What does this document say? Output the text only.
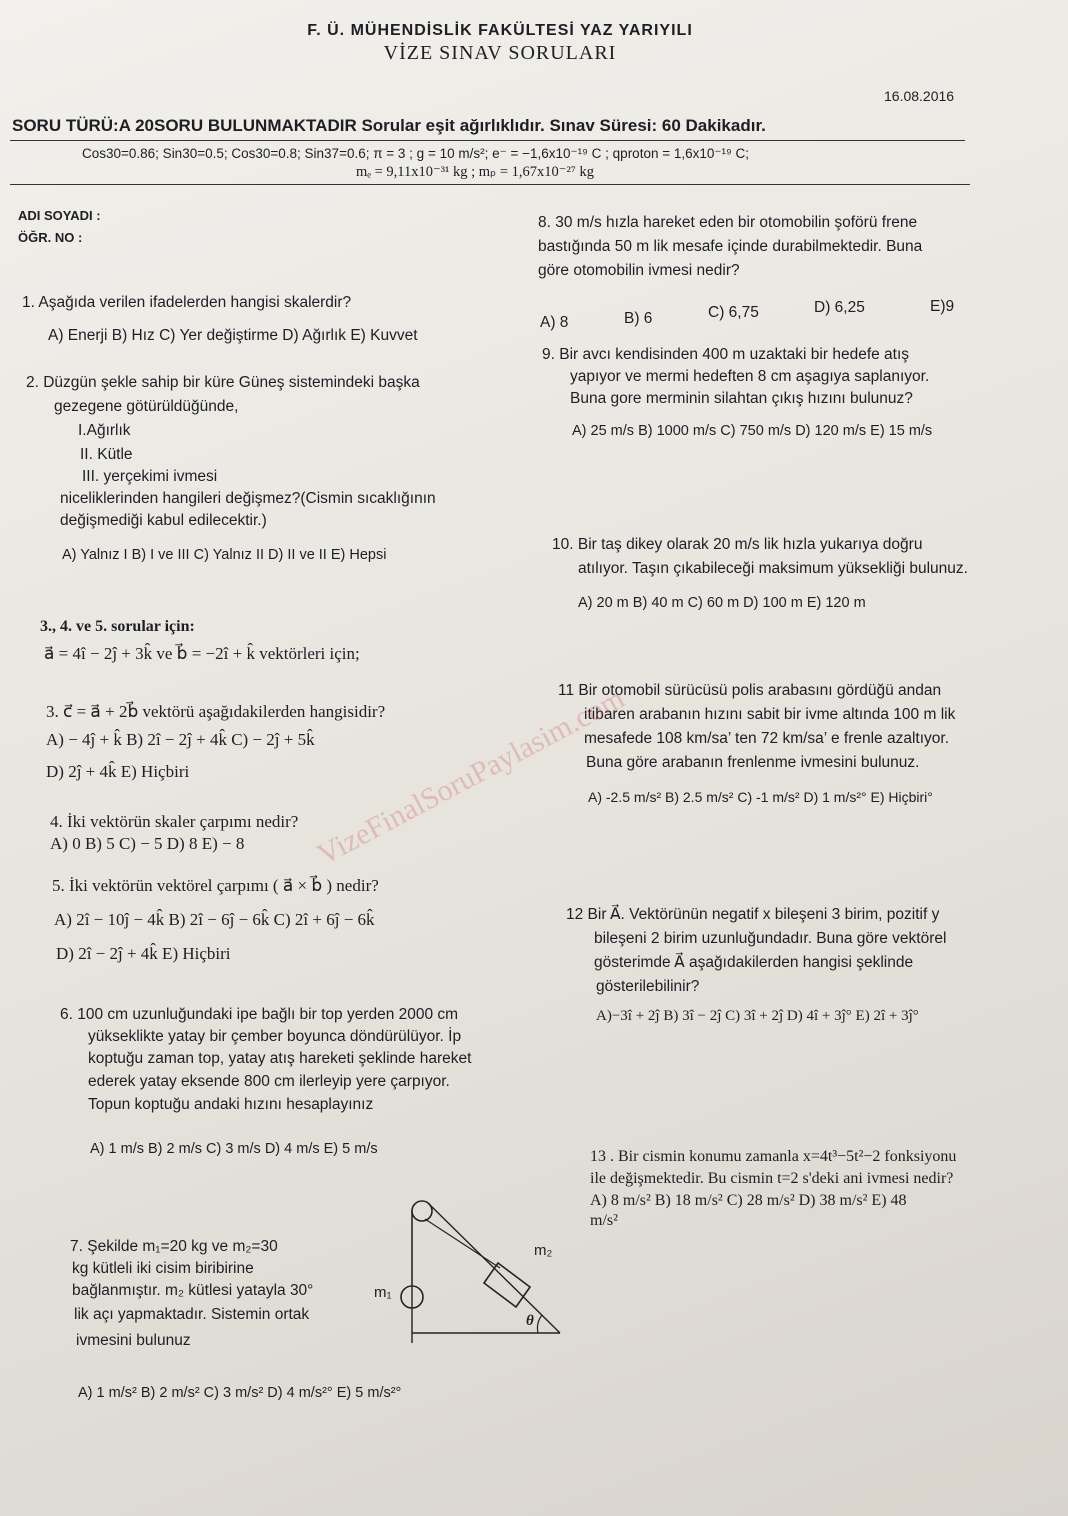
F. Ü. MÜHENDİSLİK FAKÜLTESİ YAZ YARIYILI
VİZE SINAV SORULARI
16.08.2016
SORU TÜRÜ:A 20SORU BULUNMAKTADIR Sorular eşit ağırlıklıdır. Sınav Süresi: 60 Dakikadır.
Cos30=0.86; Sin30=0.5; Cos30=0.8; Sin37=0.6; π = 3 ; g = 10 m/s²; e⁻ = −1,6x10⁻¹⁹ C ; qproton = 1,6x10⁻¹⁹ C;
mₑ = 9,11x10⁻³¹ kg ; mₚ = 1,67x10⁻²⁷ kg
ADI SOYADI :
ÖĞR. NO :
1. Aşağıda verilen ifadelerden hangisi skalerdir?
A) Enerji B) Hız C) Yer değiştirme D) Ağırlık E) Kuvvet
2. Düzgün şekle sahip bir küre Güneş sistemindeki başka
gezegene götürüldüğünde,
I.Ağırlık
II. Kütle
III. yerçekimi ivmesi
niceliklerinden hangileri değişmez?(Cismin sıcaklığının
değişmediği kabul edilecektir.)
A) Yalnız I B) I ve III C) Yalnız II D) II ve II E) Hepsi
3., 4. ve 5. sorular için:
a⃗ = 4î − 2ĵ + 3k̂ ve b⃗ = −2î + k̂ vektörleri için;
3. c⃗ = a⃗ + 2b⃗ vektörü aşağıdakilerden hangisidir?
A) − 4ĵ + k̂ B) 2î − 2ĵ + 4k̂ C) − 2ĵ + 5k̂
D) 2ĵ + 4k̂ E) Hiçbiri
4. İki vektörün skaler çarpımı nedir?
A) 0 B) 5 C) − 5 D) 8 E) − 8
5. İki vektörün vektörel çarpımı ( a⃗ × b⃗ ) nedir?
A) 2î − 10ĵ − 4k̂ B) 2î − 6ĵ − 6k̂ C) 2î + 6ĵ − 6k̂
D) 2î − 2ĵ + 4k̂ E) Hiçbiri
6. 100 cm uzunluğundaki ipe bağlı bir top yerden 2000 cm
yükseklikte yatay bir çember boyunca döndürülüyor. İp
koptuğu zaman top, yatay atış hareketi şeklinde hareket
ederek yatay eksende 800 cm ilerleyip yere çarpıyor.
Topun koptuğu andaki hızını hesaplayınız
A) 1 m/s B) 2 m/s C) 3 m/s D) 4 m/s E) 5 m/s
7. Şekilde m₁=20 kg ve m₂=30
kg kütleli iki cisim biribirine
bağlanmıştır. m₂ kütlesi yatayla 30°
lik açı yapmaktadır. Sistemin ortak
ivmesini bulunuz
A) 1 m/s² B) 2 m/s² C) 3 m/s² D) 4 m/s²° E) 5 m/s²°
m₁
m₂
θ
8. 30 m/s hızla hareket eden bir otomobilin şoförü frene
bastığında 50 m lik mesafe içinde durabilmektedir. Buna
göre otomobilin ivmesi nedir?
A) 8	B) 6	C) 6,75	D) 6,25	E)9
9. Bir avcı kendisinden 400 m uzaktaki bir hedefe atış
yapıyor ve mermi hedeften 8 cm aşagıya saplanıyor.
Buna gore merminin silahtan çıkış hızını bulunuz?
A) 25 m/s B) 1000 m/s C) 750 m/s D) 120 m/s E) 15 m/s
10. Bir taş dikey olarak 20 m/s lik hızla yukarıya doğru
atılıyor. Taşın çıkabileceği maksimum yüksekliği bulunuz.
A) 20 m B) 40 m C) 60 m D) 100 m E) 120 m
11 Bir otomobil sürücüsü polis arabasını gördüğü andan
itibaren arabanın hızını sabit bir ivme altında 100 m lik
mesafede 108 km/sa’ ten 72 km/sa’ e frenle azaltıyor.
Buna göre arabanın frenlenme ivmesini bulunuz.
A) -2.5 m/s² B) 2.5 m/s² C) -1 m/s² D) 1 m/s²° E) Hiçbiri°
12 Bir A⃗. Vektörünün negatif x bileşeni 3 birim, pozitif y
bileşeni 2 birim uzunluğundadır. Buna göre vektörel
gösterimde A⃗ aşağıdakilerden hangisi şeklinde
gösterilebilinir?
A)−3î + 2ĵ B) 3î − 2ĵ C) 3î + 2ĵ D) 4î + 3ĵ° E) 2î + 3ĵ°
13 . Bir cismin konumu zamanla x=4t³−5t²−2 fonksiyonu
ile değişmektedir. Bu cismin t=2 s'deki ani ivmesi nedir?
A) 8 m/s² B) 18 m/s² C) 28 m/s² D) 38 m/s² E) 48
m/s²
VizeFinalSoruPaylasim.com
